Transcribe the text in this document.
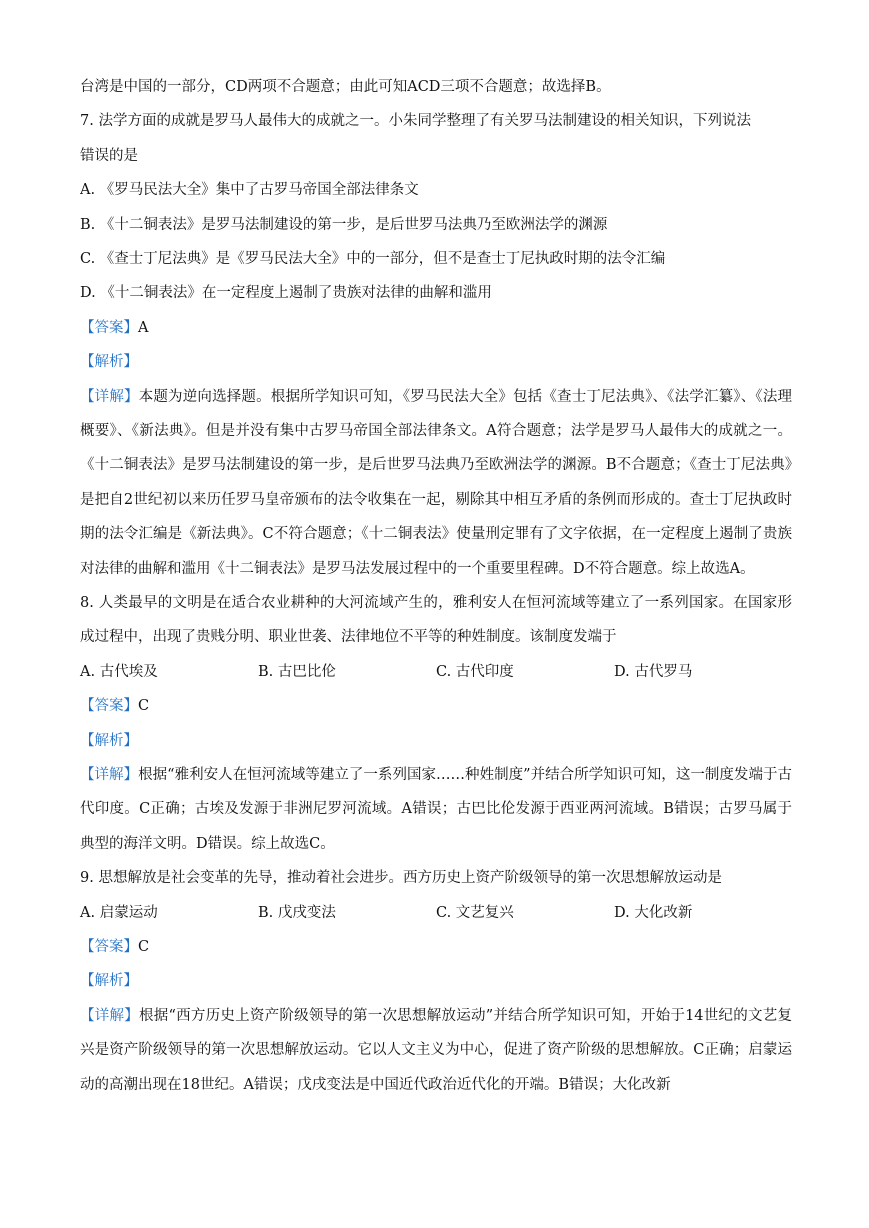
台湾是中国的一部分，CD两项不合题意；由此可知ACD三项不合题意；故选择B。
7. 法学方面的成就是罗马人最伟大的成就之一。小朱同学整理了有关罗马法制建设的相关知识，下列说法
错误的是
A. 《罗马民法大全》集中了古罗马帝国全部法律条文
B. 《十二铜表法》是罗马法制建设的第一步，是后世罗马法典乃至欧洲法学的渊源
C. 《查士丁尼法典》是《罗马民法大全》中的一部分，但不是查士丁尼执政时期的法令汇编
D. 《十二铜表法》在一定程度上遏制了贵族对法律的曲解和滥用
【答案】A
【解析】
【详解】本题为逆向选择题。根据所学知识可知，《罗马民法大全》包括《查士丁尼法典》、《法学汇纂》、《法理概要》、《新法典》。但是并没有集中古罗马帝国全部法律条文。A符合题意；法学是罗马人最伟大的成就之一。《十二铜表法》是罗马法制建设的第一步，是后世罗马法典乃至欧洲法学的渊源。B不合题意；《查士丁尼法典》是把自2世纪初以来历任罗马皇帝颁布的法令收集在一起，剔除其中相互矛盾的条例而形成的。查士丁尼执政时期的法令汇编是《新法典》。C不符合题意；《十二铜表法》使量刑定罪有了文字依据，在一定程度上遏制了贵族对法律的曲解和滥用《十二铜表法》是罗马法发展过程中的一个重要里程碑。D不符合题意。综上故选A。
8. 人类最早的文明是在适合农业耕种的大河流域产生的，雅利安人在恒河流域等建立了一系列国家。在国家形成过程中，出现了贵贱分明、职业世袭、法律地位不平等的种姓制度。该制度发端于
A. 古代埃及	B. 古巴比伦	C. 古代印度	D. 古代罗马
【答案】C
【解析】
【详解】根据“雅利安人在恒河流域等建立了一系列国家……种姓制度”并结合所学知识可知，这一制度发端于古代印度。C正确；古埃及发源于非洲尼罗河流域。A错误；古巴比伦发源于西亚两河流域。B错误；古罗马属于典型的海洋文明。D错误。综上故选C。
9. 思想解放是社会变革的先导，推动着社会进步。西方历史上资产阶级领导的第一次思想解放运动是
A. 启蒙运动	B. 戊戌变法	C. 文艺复兴	D. 大化改新
【答案】C
【解析】
【详解】根据“西方历史上资产阶级领导的第一次思想解放运动”并结合所学知识可知，开始于14世纪的文艺复兴是资产阶级领导的第一次思想解放运动。它以人文主义为中心，促进了资产阶级的思想解放。C正确；启蒙运动的高潮出现在18世纪。A错误；戊戌变法是中国近代政治近代化的开端。B错误；大化改新
